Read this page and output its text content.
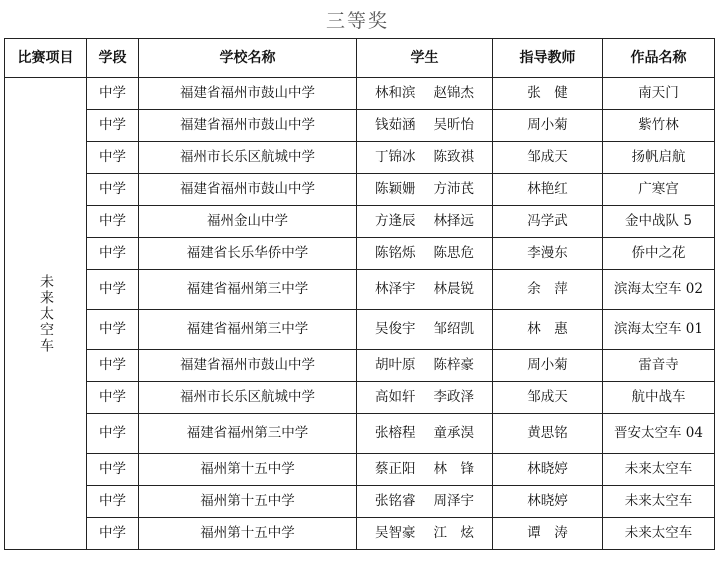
三等奖
比赛项目	学段	学校名称	学生	指导教师	作品名称

未来太空车	中学	福建省福州市鼓山中学	林和滨 赵锦杰	张　健	南天门
	中学	福建省福州市鼓山中学	钱茹涵 吴昕怡	周小菊	紫竹林
	中学	福州市长乐区航城中学	丁锦冰 陈致祺	邹成天	扬帆启航
	中学	福建省福州市鼓山中学	陈颖姗 方沛芪	林艳红	广寒宫
	中学	福州金山中学	方逢辰 林择远	冯学武	金中战队 5
	中学	福建省长乐华侨中学	陈铭烁 陈思危	李漫东	侨中之花
	中学	福建省福州第三中学	林泽宇 林晨锐	余　萍	滨海太空车 02
	中学	福建省福州第三中学	吴俊宇 邹绍凯	林　惠	滨海太空车 01
	中学	福建省福州市鼓山中学	胡叶原 陈梓豪	周小菊	雷音寺
	中学	福州市长乐区航城中学	高如轩 李政泽	邹成天	航中战车
	中学	福建省福州第三中学	张榕程 童承淏	黄思铭	晋安太空车 04
	中学	福州第十五中学	蔡正阳 林　锋	林晓婷	未来太空车
	中学	福州第十五中学	张铭睿 周泽宇	林晓婷	未来太空车
	中学	福州第十五中学	吴智豪 江　炫	谭　涛	未来太空车
